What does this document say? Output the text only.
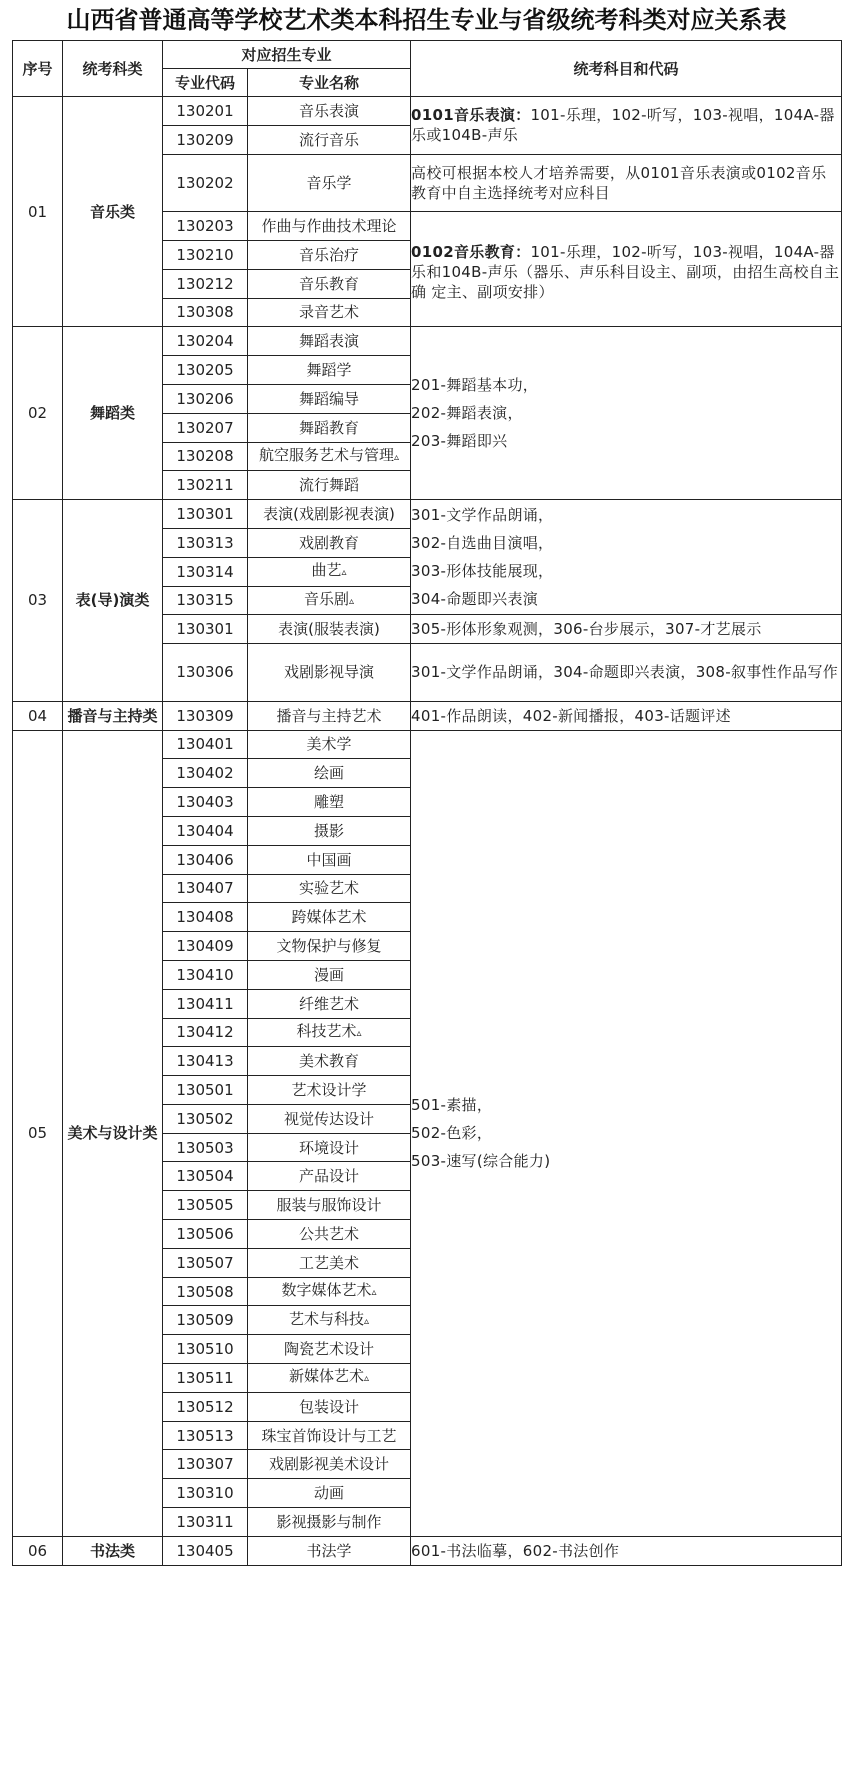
山西省普通高等学校艺术类本科招生专业与省级统考科类对应关系表
序号	统考科类	对应招生专业		统考科目和代码
		专业代码	专业名称	
01	音乐类	130201	音乐表演	0101音乐表演：101-乐理，102-听写，103-视唱，104A-器乐或104B-声乐
		130209	流行音乐	
		130202	音乐学	高校可根据本校人才培养需要，从0101音乐表演或0102音乐教育中自主选择统考对应科目
		130203	作曲与作曲技术理论	0102音乐教育：101-乐理，102-听写，103-视唱，104A-器乐和104B-声乐（器乐、声乐科目设主、副项，由招生高校自主确 定主、副项安排）
		130210	音乐治疗	
		130212	音乐教育	
		130308	录音艺术	
02	舞蹈类	130204	舞蹈表演	201-舞蹈基本功，
202-舞蹈表演，
203-舞蹈即兴

		130205	舞蹈学	
		130206	舞蹈编导	
		130207	舞蹈教育	
		130208	航空服务艺术与管理▵	
		130211	流行舞蹈	
03	表(导)演类	130301	表演(戏剧影视表演)	301-文学作品朗诵，
302-自选曲目演唱，
303-形体技能展现，
304-命题即兴表演

		130313	戏剧教育	
		130314	曲艺▵	
		130315	音乐剧▵	
		130301	表演(服装表演)	305-形体形象观测，306-台步展示，307-才艺展示
		130306	戏剧影视导演	301-文学作品朗诵，304-命题即兴表演，308-叙事性作品写作
04	播音与主持类	130309	播音与主持艺术	401-作品朗读，402-新闻播报，403-话题评述
05	美术与设计类	130401	美术学	501-素描，
502-色彩，
503-速写(综合能力)

		130402	绘画	
		130403	雕塑	
		130404	摄影	
		130406	中国画	
		130407	实验艺术	
		130408	跨媒体艺术	
		130409	文物保护与修复	
		130410	漫画	
		130411	纤维艺术	
		130412	科技艺术▵	
		130413	美术教育	
		130501	艺术设计学	
		130502	视觉传达设计	
		130503	环境设计	
		130504	产品设计	
		130505	服装与服饰设计	
		130506	公共艺术	
		130507	工艺美术	
		130508	数字媒体艺术▵	
		130509	艺术与科技▵	
		130510	陶瓷艺术设计	
		130511	新媒体艺术▵	
		130512	包装设计	
		130513	珠宝首饰设计与工艺	
		130307	戏剧影视美术设计	
		130310	动画	
		130311	影视摄影与制作	
06	书法类	130405	书法学	601-书法临摹，602-书法创作
